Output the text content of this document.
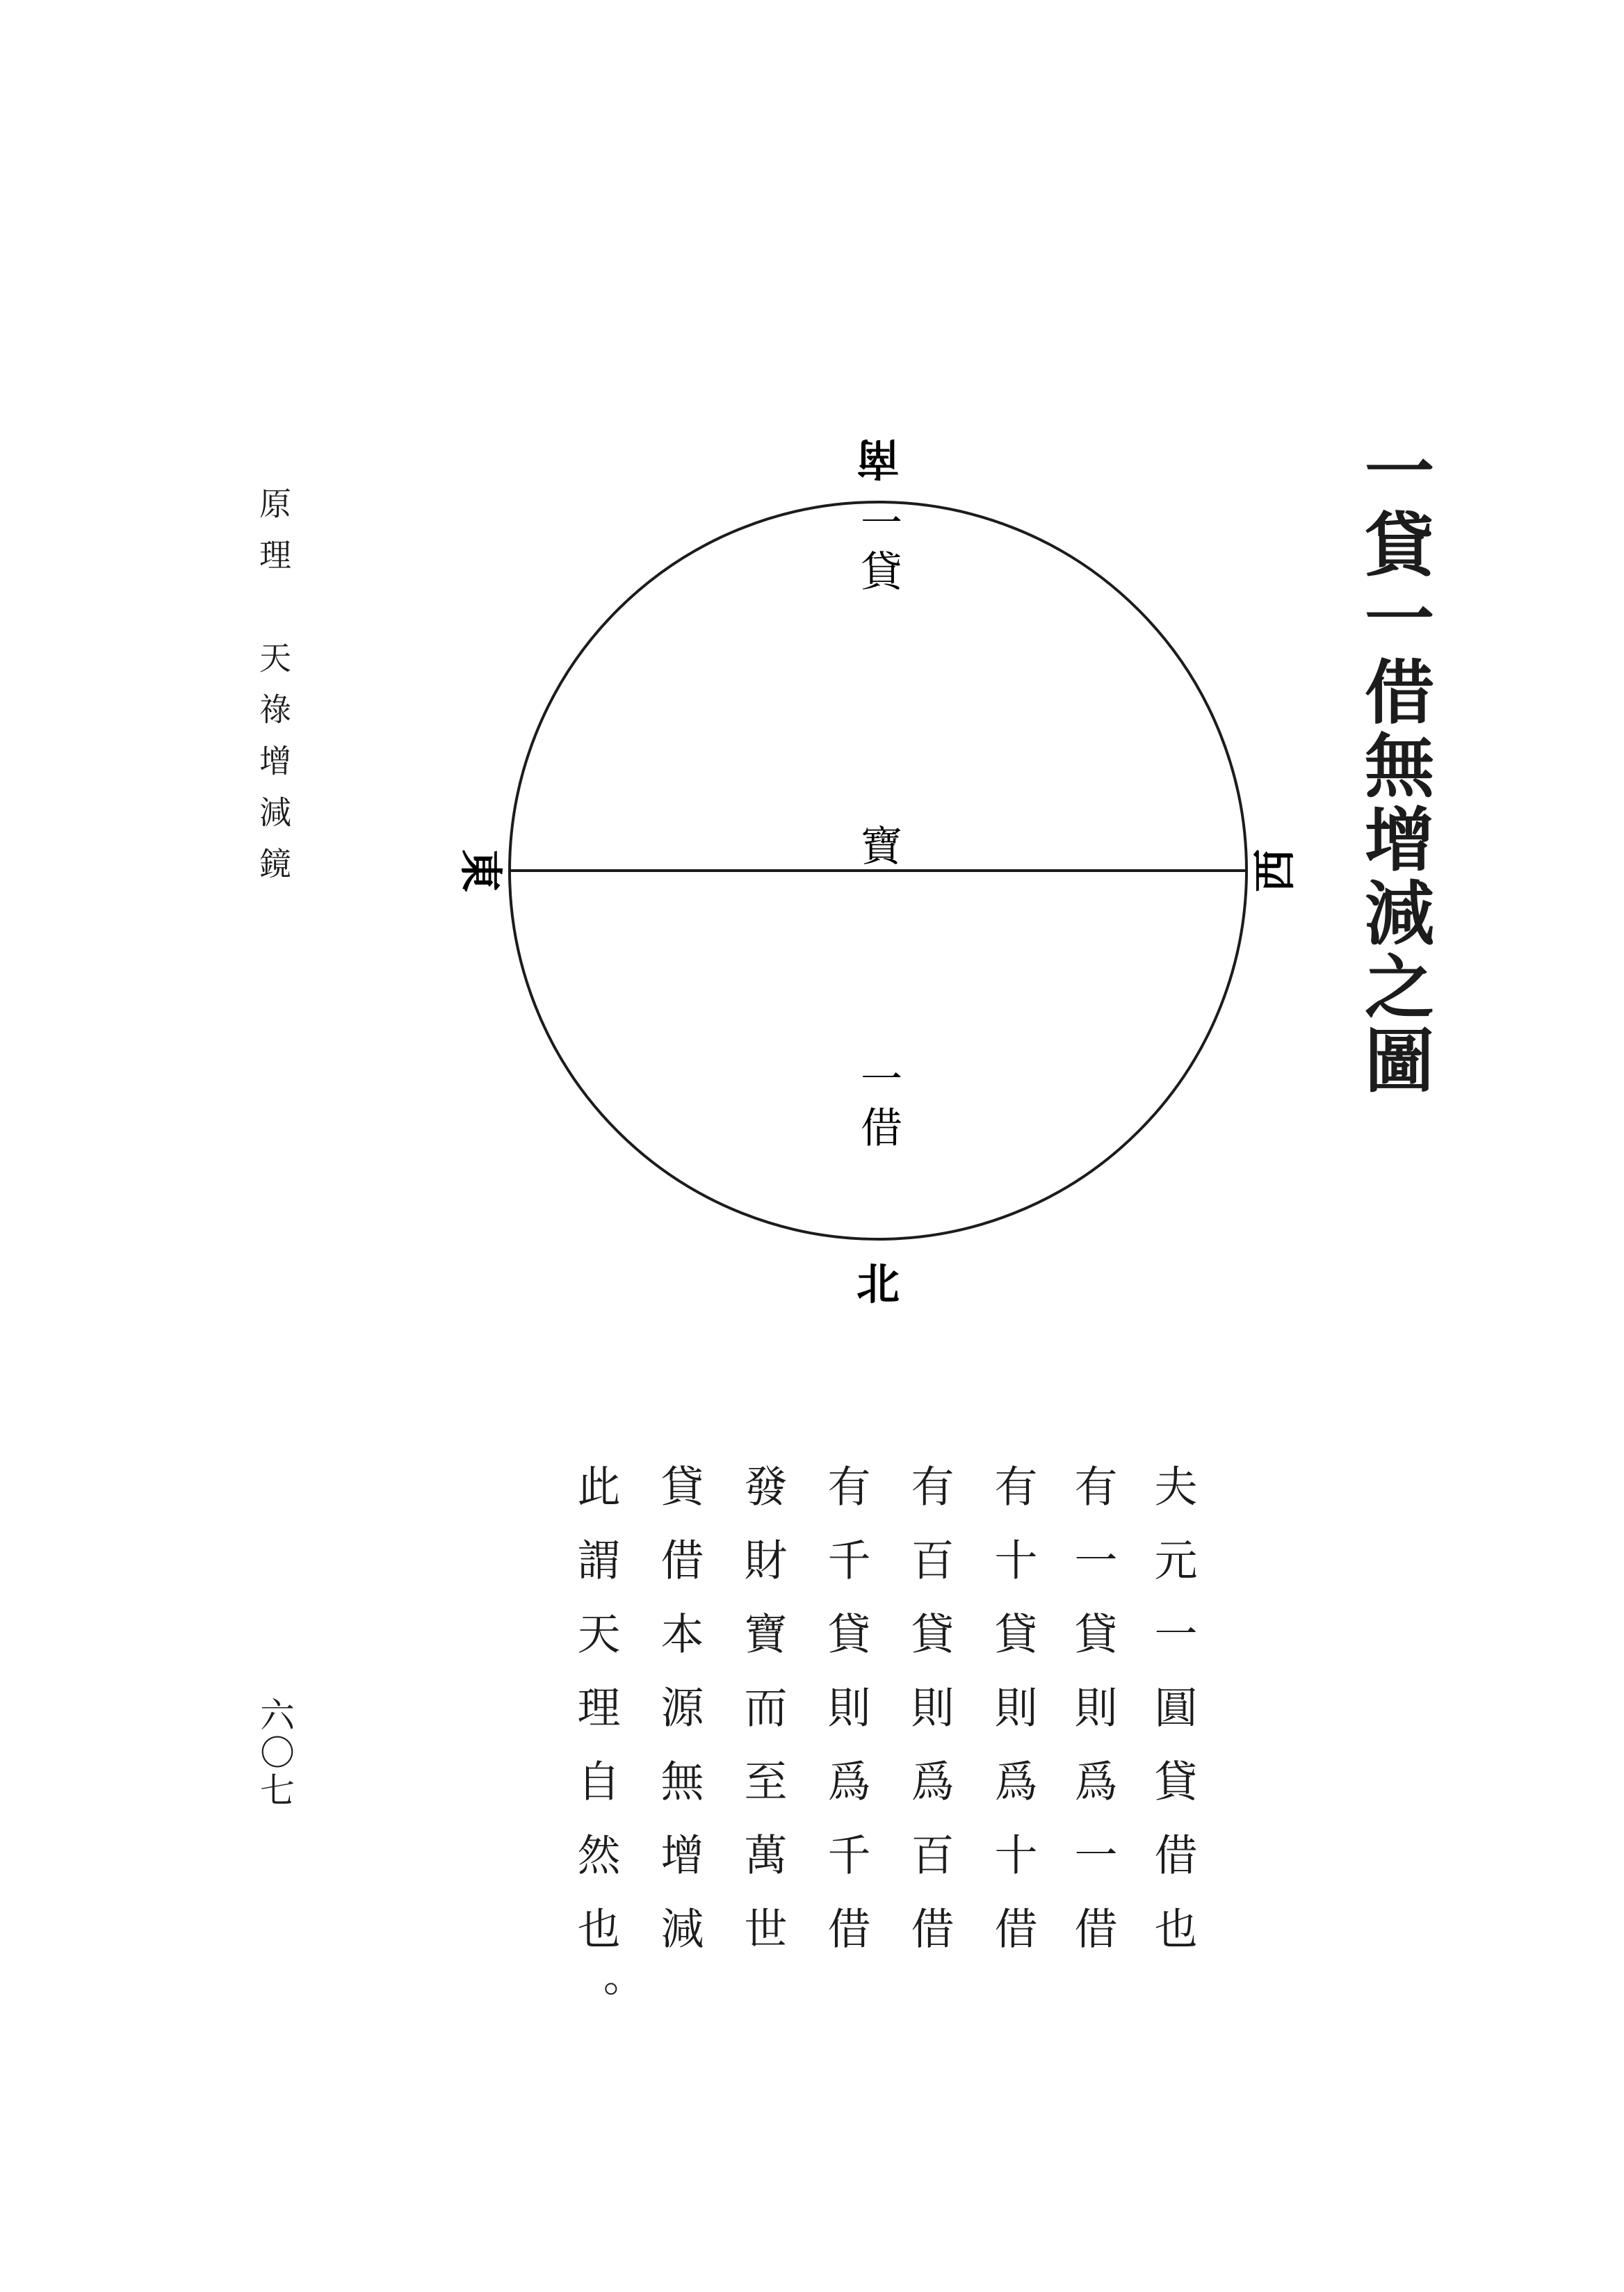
原理　天祿增減鏡	一貸一借無增減之圖
南
東	西
北
一貸
寶
一借
夫元一圓貸借也
有一貸則爲一借
有十貸則爲十借
有百貸則爲百借
有千貸則爲千借
發財寶而至萬世
貸借本源無增減
此謂天理自然也。
六〇七
